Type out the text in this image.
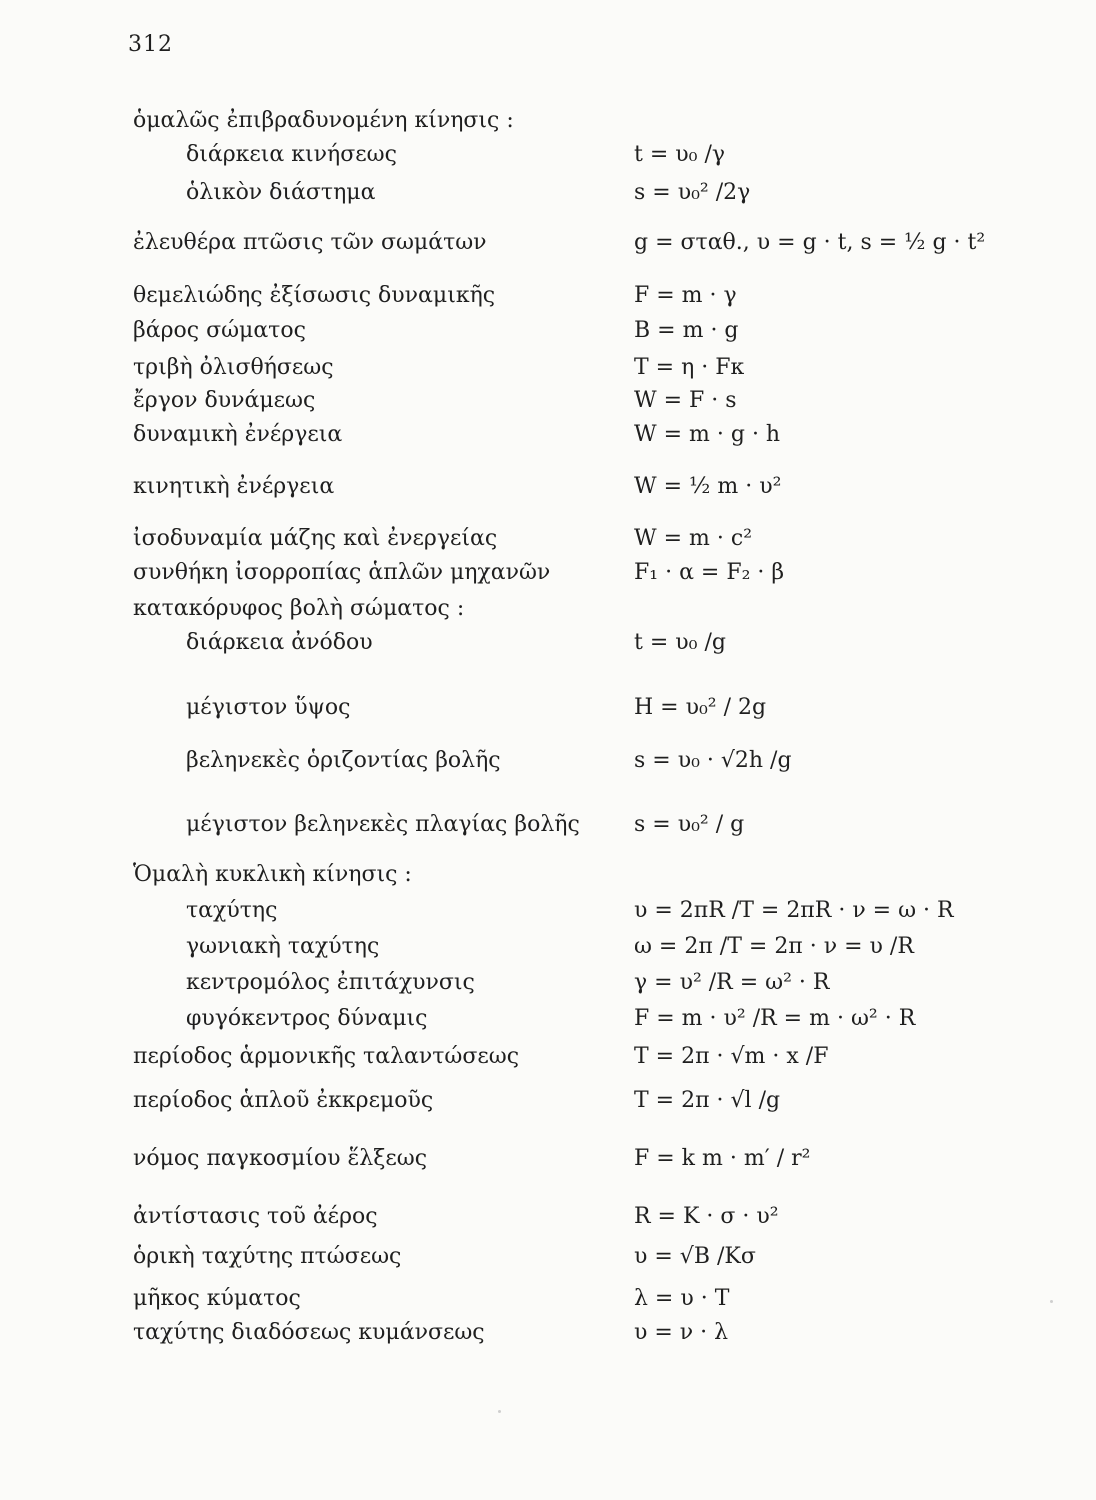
312
ὁμαλῶς ἐπιβραδυνομένη κίνησις :
διάρκεια κινήσεως	t = υ₀ /γ
ὁλικὸν διάστημα	s = υ₀² /2γ
ἐλευθέρα πτῶσις τῶν σωμάτων	g = σταθ., υ = g · t, s = ½ g · t²
θεμελιώδης ἐξίσωσις δυναμικῆς	F = m · γ
βάρος σώματος	B = m · g
τριβὴ ὀλισθήσεως	T = η · Fκ
ἔργον δυνάμεως	W = F · s
δυναμικὴ ἐνέργεια	W = m · g · h
κινητικὴ ἐνέργεια	W = ½ m · υ²
ἰσοδυναμία μάζης καὶ ἐνεργείας	W = m · c²
συνθήκη ἰσορροπίας ἁπλῶν μηχανῶν	F₁ · α = F₂ · β
κατακόρυφος βολὴ σώματος :
διάρκεια ἀνόδου	t = υ₀ /g
μέγιστον ὕψος	H = υ₀² / 2g
βεληνεκὲς ὁριζοντίας βολῆς	s = υ₀ · √2h /g
μέγιστον βεληνεκὲς πλαγίας βολῆς s = υ₀² / g
Ὁμαλὴ κυκλικὴ κίνησις :
ταχύτης	υ = 2πR /T = 2πR · ν = ω · R
γωνιακὴ ταχύτης	ω = 2π /T = 2π · ν = υ /R
κεντρομόλος ἐπιτάχυνσις	γ = υ² /R = ω² · R
φυγόκεντρος δύναμις	F = m · υ² /R = m · ω² · R
περίοδος ἁρμονικῆς ταλαντώσεως	T = 2π · √m · x /F
περίοδος ἁπλοῦ ἐκκρεμοῦς	T = 2π · √l /g
νόμος παγκοσμίου ἕλξεως	F = k m · m′ / r²
ἀντίστασις τοῦ ἀέρος	R = K · σ · υ²
ὁρικὴ ταχύτης πτώσεως	υ = √B /Kσ
μῆκος κύματος	λ = υ · T
ταχύτης διαδόσεως κυμάνσεως	υ = ν · λ
